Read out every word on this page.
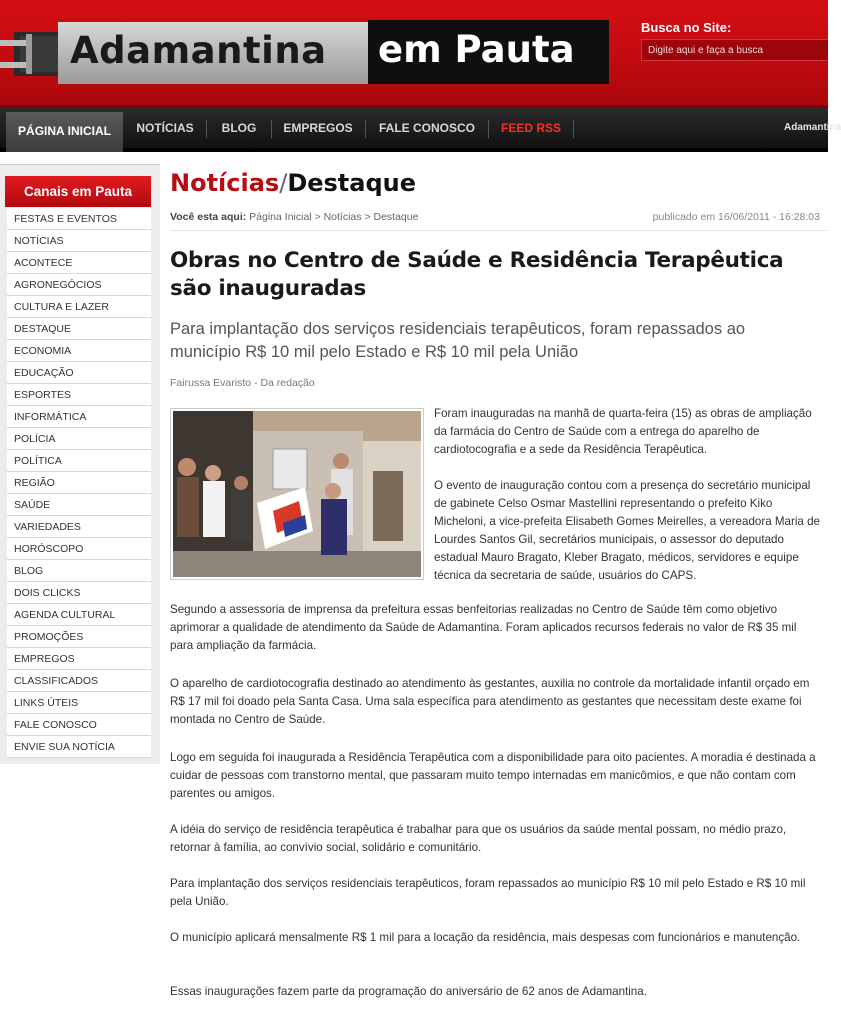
Adamantina em Pauta
Busca no Site:
Digite aqui e faça a busca
PÁGINA INICIAL	NOTÍCIAS	BLOG	EMPREGOS	FALE CONOSCO	FEED RSS	Adamantina
Canais em Pauta
FESTAS E EVENTOS
NOTÍCIAS
ACONTECE
AGRONEGÓCIOS
CULTURA E LAZER
DESTAQUE
ECONOMIA
EDUCAÇÃO
ESPORTES
INFORMÁTICA
POLÍCIA
POLÍTICA
REGIÃO
SAÚDE
VARIEDADES
HORÓSCOPO
BLOG
DOIS CLICKS
AGENDA CULTURAL
PROMOÇÕES
EMPREGOS
CLASSIFICADOS
LINKS ÚTEIS
FALE CONOSCO
ENVIE SUA NOTÍCIA
Notícias/Destaque
Você esta aqui: Página Inicial > Notícias > Destaque	publicado em 16/06/2011 - 16:28:03
Obras no Centro de Saúde e Residência Terapêutica são inauguradas
Para implantação dos serviços residenciais terapêuticos, foram repassados ao município R$ 10 mil pelo Estado e R$ 10 mil pela União
Fairussa Evaristo - Da redação
Foram inauguradas na manhã de quarta-feira (15) as obras de ampliação da farmácia do Centro de Saúde com a entrega do aparelho de cardiotocografia e a sede da Residência Terapêutica.
O evento de inauguração contou com a presença do secretário municipal de gabinete Celso Osmar Mastellini representando o prefeito Kiko Micheloni, a vice-prefeita Elisabeth Gomes Meirelles, a vereadora Maria de Lourdes Santos Gil, secretários municipais, o assessor do deputado estadual Mauro Bragato, Kleber Bragato, médicos, servidores e equipe técnica da secretaria de saúde, usuários do CAPS.
Segundo a assessoria de imprensa da prefeitura essas benfeitorias realizadas no Centro de Saúde têm como objetivo aprimorar a qualidade de atendimento da Saúde de Adamantina. Foram aplicados recursos federais no valor de R$ 35 mil para ampliação da farmácia.
O aparelho de cardiotocografia destinado ao atendimento às gestantes, auxilia no controle da mortalidade infantil orçado em R$ 17 mil foi doado pela Santa Casa. Uma sala específica para atendimento as gestantes que necessitam deste exame foi montada no Centro de Saúde.
Logo em seguida foi inaugurada a Residência Terapêutica com a disponibilidade para oito pacientes. A moradia é destinada a cuidar de pessoas com transtorno mental, que passaram muito tempo internadas em manicômios, e que não contam com parentes ou amigos.
A idéia do serviço de residência terapêutica é trabalhar para que os usuários da saúde mental possam, no médio prazo, retornar à família, ao convívio social, solidário e comunitário.
Para implantação dos serviços residenciais terapêuticos, foram repassados ao município R$ 10 mil pelo Estado e R$ 10 mil pela União.
O município aplicará mensalmente R$ 1 mil para a locação da residência, mais despesas com funcionários e manutenção.
Essas inaugurações fazem parte da programação do aniversário de 62 anos de Adamantina.
